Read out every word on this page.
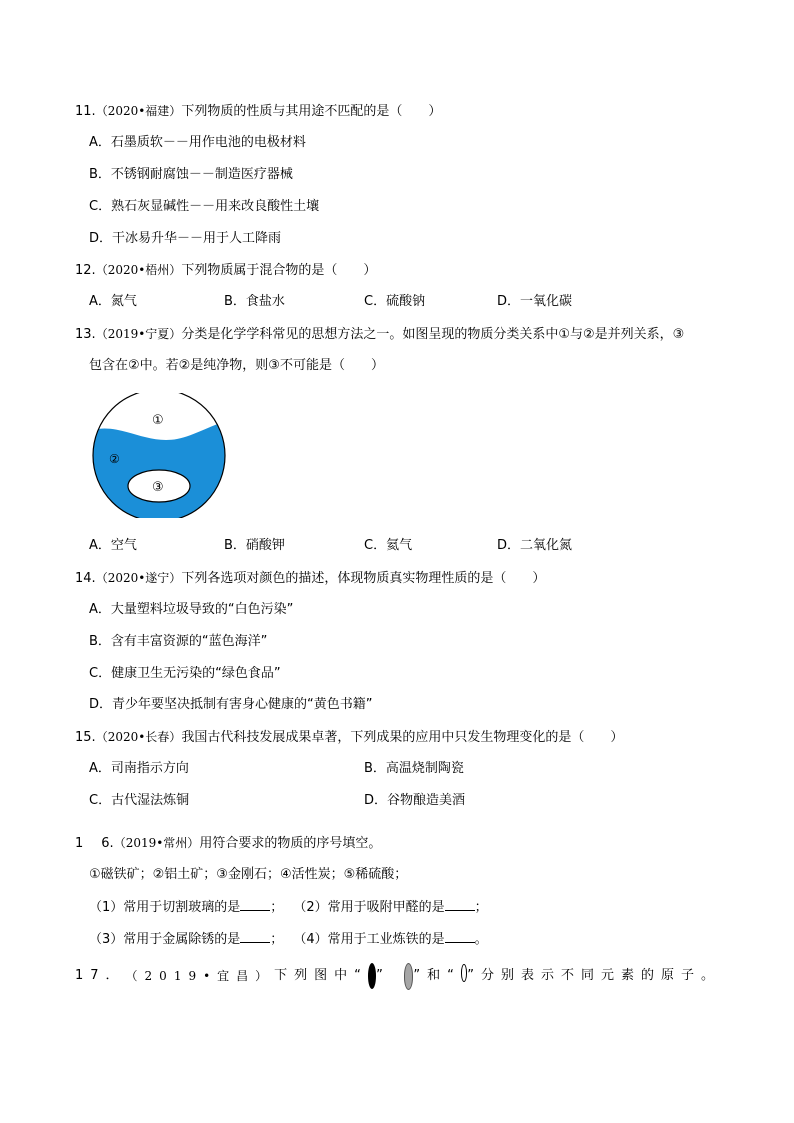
11.（2020•福建）下列物质的性质与其用途不匹配的是（　　）
A．石墨质软－－用作电池的电极材料
B．不锈钢耐腐蚀－－制造医疗器械
C．熟石灰显碱性－－用来改良酸性土壤
D．干冰易升华－－用于人工降雨
12.（2020•梧州）下列物质属于混合物的是（　　）
A．氮气	B．食盐水	C．硫酸钠	D．一氧化碳
13.（2019•宁夏）分类是化学学科常见的思想方法之一。如图呈现的物质分类关系中①与②是并列关系，③
包含在②中。若②是纯净物，则③不可能是（　　）
①
②
③
A．空气	B．硝酸钾	C．氦气	D．二氧化氮
14.（2020•遂宁）下列各选项对颜色的描述，体现物质真实物理性质的是（　　）
A．大量塑料垃圾导致的“白色污染”
B．含有丰富资源的“蓝色海洋”
C．健康卫生无污染的“绿色食品”
D．青少年要坚决抵制有害身心健康的“黄色书籍”
15.（2020•长春）我国古代科技发展成果卓著，下列成果的应用中只发生物理变化的是（　　）
A．司南指示方向	B．高温烧制陶瓷
C．古代湿法炼铜	D．谷物酿造美酒
1 6.（2019•常州）用符合要求的物质的序号填空。
①磁铁矿；②铝土矿；③金刚石；④活性炭；⑤稀硫酸；
（1）常用于切割玻璃的是 ； （2）常用于吸附甲醛的是 ；
（3）常用于金属除锈的是 ； （4）常用于工业炼铁的是 。
17． （2019•宜昌） 下列图中“ ” ”和“ ”分别表示不同元素的原子。
